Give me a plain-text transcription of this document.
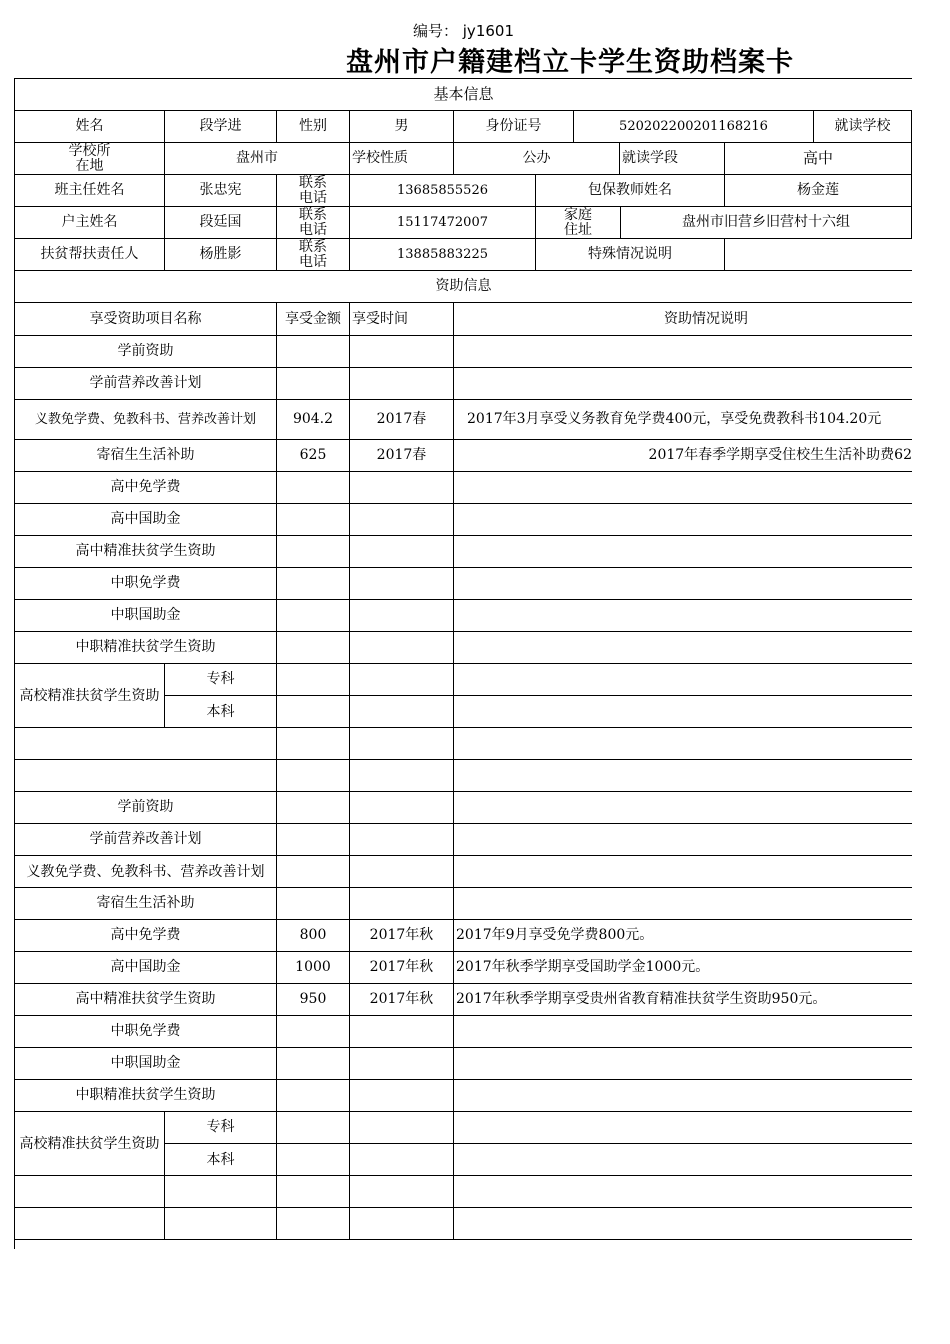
编号： jy1601
盘州市户籍建档立卡学生资助档案卡
基本信息
姓名	段学进	性别	男	身份证号	520202200201168216	就读学校
学校所在地	盘州市	学校性质	公办	就读学段	高中
班主任姓名	张忠宪	联系电话	13685855526	包保教师姓名	杨金莲
户主姓名	段廷国	联系电话	15117472007	家庭住址	盘州市旧营乡旧营村十六组
扶贫帮扶责任人	杨胜影	联系电话	13885883225	特殊情况说明
资助信息
享受资助项目名称	享受金额 享受时间	资助情况说明
学前资助
学前营养改善计划
义教免学费、免教科书、营养改善计划	904.2	2017春	2017年3月享受义务教育免学费400元，享受免费教科书104.20元
寄宿生生活补助	625	2017春	2017年春季学期享受住校生生活补助费62
高中免学费
高中国助金
高中精准扶贫学生资助
中职免学费
中职国助金
中职精准扶贫学生资助
高校精准扶贫学生资助
专科
本科
学前资助
学前营养改善计划
义教免学费、免教科书、营养改善计划
寄宿生生活补助
高中免学费	800	2017年秋	2017年9月享受免学费800元。
高中国助金	1000	2017年秋	2017年秋季学期享受国助学金1000元。
高中精准扶贫学生资助	950	2017年秋	2017年秋季学期享受贵州省教育精准扶贫学生资助950元。
中职免学费
中职国助金
中职精准扶贫学生资助
高校精准扶贫学生资助
专科
本科
